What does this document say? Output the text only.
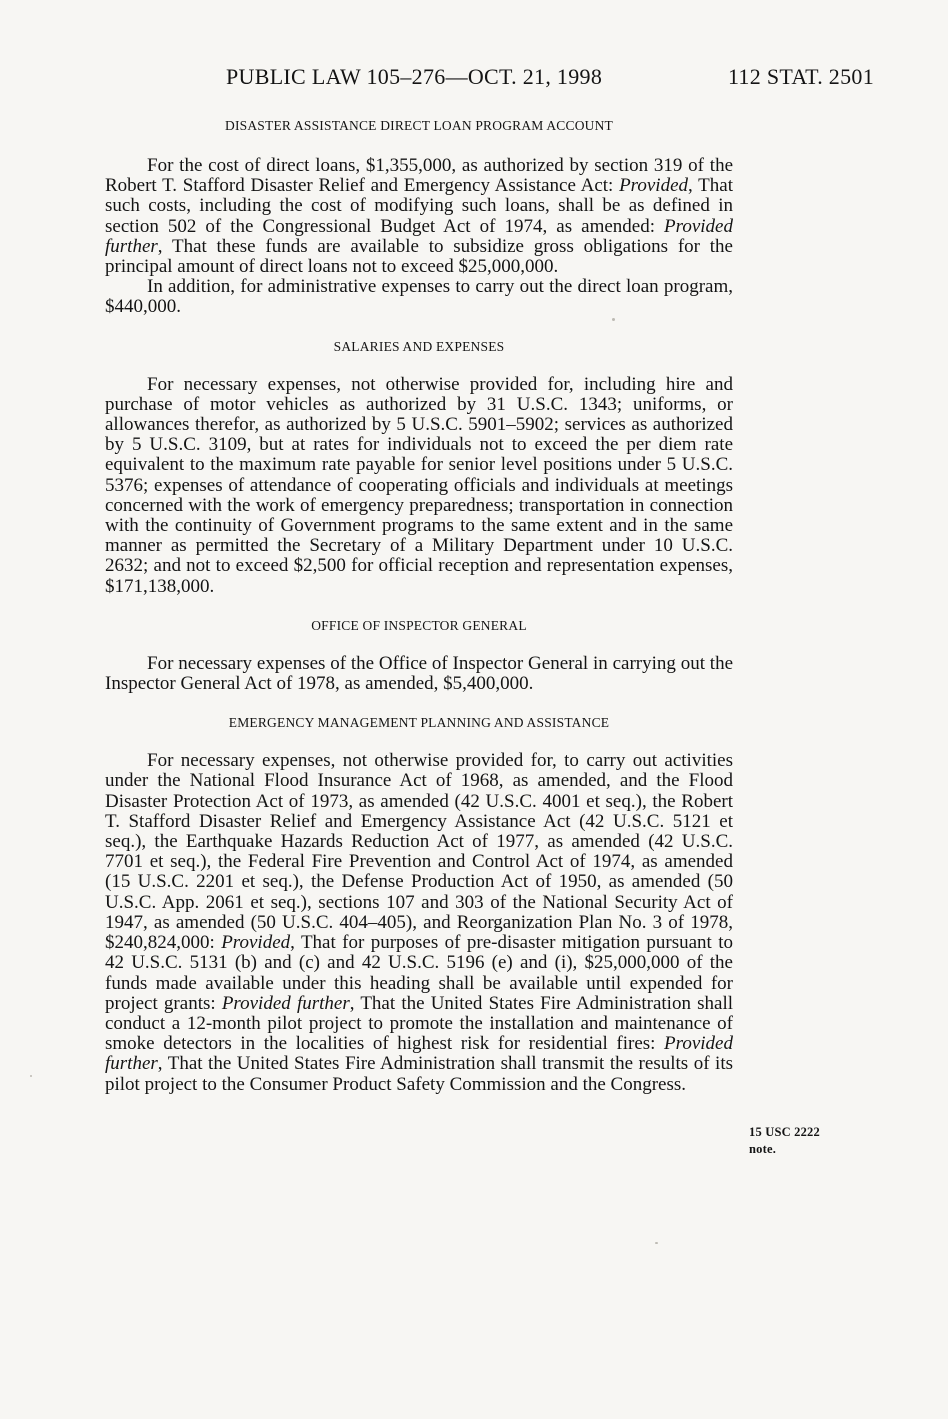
PUBLIC LAW 105–276—OCT. 21, 1998	112 STAT. 2501
DISASTER ASSISTANCE DIRECT LOAN PROGRAM ACCOUNT

For the cost of direct loans, $1,355,000, as authorized by section 319 of the Robert T. Stafford Disaster Relief and Emergency Assistance Act: Provided, That such costs, including the cost of modifying such loans, shall be as defined in section 502 of the Congressional Budget Act of 1974, as amended: Provided further, That these funds are available to subsidize gross obligations for the principal amount of direct loans not to exceed $25,000,000.

In addition, for administrative expenses to carry out the direct loan program, $440,000.

SALARIES AND EXPENSES

For necessary expenses, not otherwise provided for, including hire and purchase of motor vehicles as authorized by 31 U.S.C. 1343; uniforms, or allowances therefor, as authorized by 5 U.S.C. 5901–5902; services as authorized by 5 U.S.C. 3109, but at rates for individuals not to exceed the per diem rate equivalent to the maximum rate payable for senior level positions under 5 U.S.C. 5376; expenses of attendance of cooperating officials and individuals at meetings concerned with the work of emergency preparedness; transportation in connection with the continuity of Government programs to the same extent and in the same manner as permitted the Secretary of a Military Department under 10 U.S.C. 2632; and not to exceed $2,500 for official reception and representation expenses, $171,138,000.

OFFICE OF INSPECTOR GENERAL

For necessary expenses of the Office of Inspector General in carrying out the Inspector General Act of 1978, as amended, $5,400,000.

EMERGENCY MANAGEMENT PLANNING AND ASSISTANCE

For necessary expenses, not otherwise provided for, to carry out activities under the National Flood Insurance Act of 1968, as amended, and the Flood Disaster Protection Act of 1973, as amended (42 U.S.C. 4001 et seq.), the Robert T. Stafford Disaster Relief and Emergency Assistance Act (42 U.S.C. 5121 et seq.), the Earthquake Hazards Reduction Act of 1977, as amended (42 U.S.C. 7701 et seq.), the Federal Fire Prevention and Control Act of 1974, as amended (15 U.S.C. 2201 et seq.), the Defense Production Act of 1950, as amended (50 U.S.C. App. 2061 et seq.), sections 107 and 303 of the National Security Act of 1947, as amended (50 U.S.C. 404–405), and Reorganization Plan No. 3 of 1978, $240,824,000: Provided, That for purposes of pre-disaster mitigation pursuant to 42 U.S.C. 5131 (b) and (c) and 42 U.S.C. 5196 (e) and (i), $25,000,000 of the funds made available under this heading shall be available until expended for project grants: Provided further, That the United States Fire Administration shall conduct a 12-month pilot project to promote the installation and maintenance of smoke detectors in the localities of highest risk for residential fires: Provided further, That the United States Fire Administration shall transmit the results of its pilot project to the Consumer Product Safety Commission and the Congress.

15 USC 2222
note.
